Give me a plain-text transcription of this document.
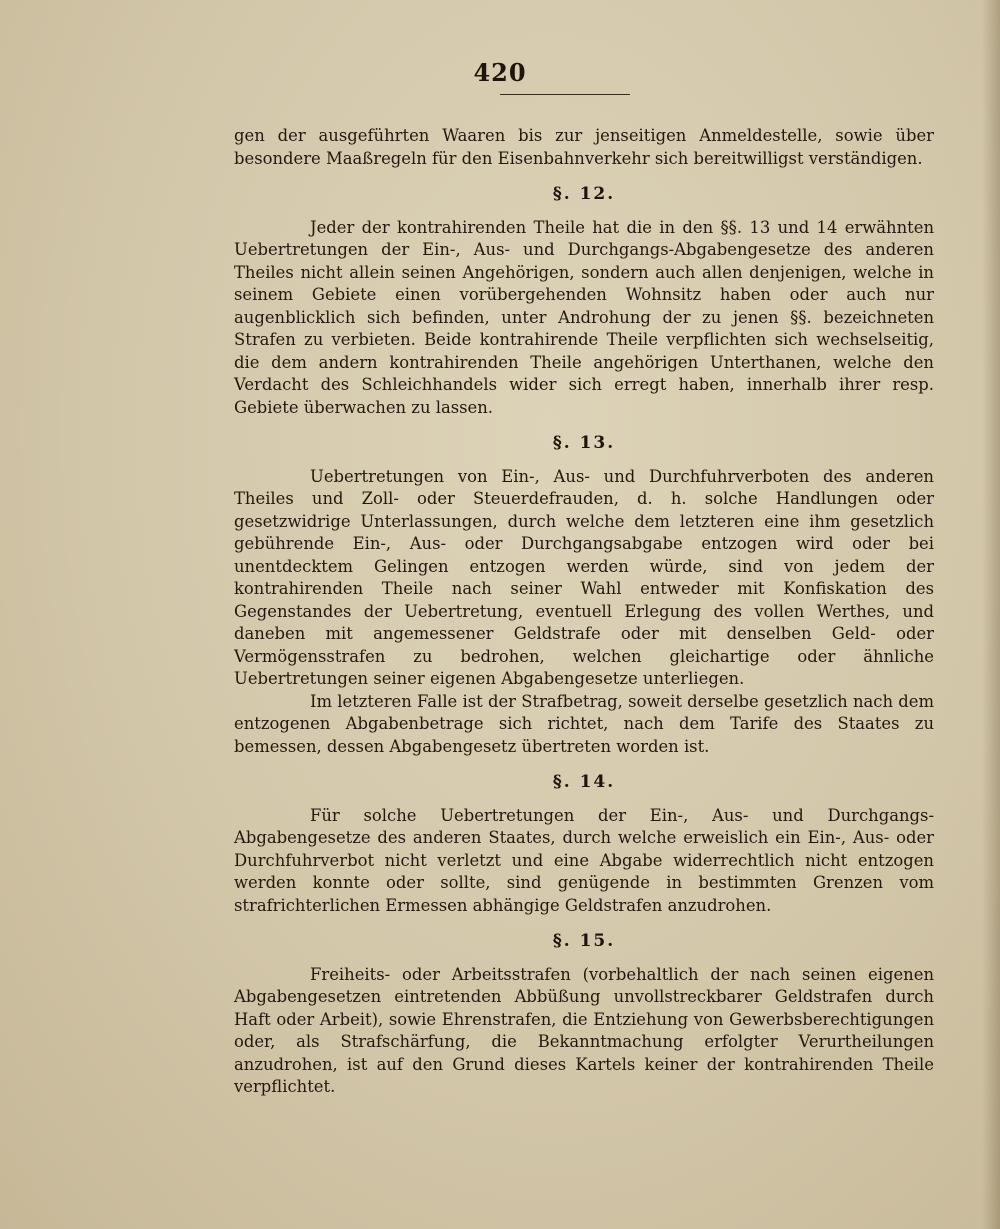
420

gen der ausgeführten Waaren bis zur jenseitigen Anmeldestelle, sowie über besondere Maaßregeln für den Eisenbahnverkehr sich bereitwilligst verständigen.

§. 12.

Jeder der kontrahirenden Theile hat die in den §§. 13 und 14 erwähnten Uebertretungen der Ein-, Aus- und Durchgangs-Abgabengesetze des anderen Theiles nicht allein seinen Angehörigen, sondern auch allen denjenigen, welche in seinem Gebiete einen vorübergehenden Wohnsitz haben oder auch nur augenblicklich sich befinden, unter Androhung der zu jenen §§. bezeichneten Strafen zu verbieten. Beide kontrahirende Theile verpflichten sich wechselseitig, die dem andern kontrahirenden Theile angehörigen Unterthanen, welche den Verdacht des Schleichhandels wider sich erregt haben, innerhalb ihrer resp. Gebiete überwachen zu lassen.

§. 13.

Uebertretungen von Ein-, Aus- und Durchfuhrverboten des anderen Theiles und Zoll- oder Steuerdefrauden, d. h. solche Handlungen oder gesetzwidrige Unterlassungen, durch welche dem letzteren eine ihm gesetzlich gebührende Ein-, Aus- oder Durchgangsabgabe entzogen wird oder bei unentdecktem Gelingen entzogen werden würde, sind von jedem der kontrahirenden Theile nach seiner Wahl entweder mit Konfiskation des Gegenstandes der Uebertretung, eventuell Erlegung des vollen Werthes, und daneben mit angemessener Geldstrafe oder mit denselben Geld- oder Vermögensstrafen zu bedrohen, welchen gleichartige oder ähnliche Uebertretungen seiner eigenen Abgabengesetze unterliegen.

Im letzteren Falle ist der Strafbetrag, soweit derselbe gesetzlich nach dem entzogenen Abgabenbetrage sich richtet, nach dem Tarife des Staates zu bemessen, dessen Abgabengesetz übertreten worden ist.

§. 14.

Für solche Uebertretungen der Ein-, Aus- und Durchgangs-Abgabengesetze des anderen Staates, durch welche erweislich ein Ein-, Aus- oder Durchfuhrverbot nicht verletzt und eine Abgabe widerrechtlich nicht entzogen werden konnte oder sollte, sind genügende in bestimmten Grenzen vom strafrichterlichen Ermessen abhängige Geldstrafen anzudrohen.

§. 15.

Freiheits- oder Arbeitsstrafen (vorbehaltlich der nach seinen eigenen Abgabengesetzen eintretenden Abbüßung unvollstreckbarer Geldstrafen durch Haft oder Arbeit), sowie Ehrenstrafen, die Entziehung von Gewerbsberechtigungen oder, als Strafschärfung, die Bekanntmachung erfolgter Verurtheilungen anzudrohen, ist auf den Grund dieses Kartels keiner der kontrahirenden Theile verpflichtet.
